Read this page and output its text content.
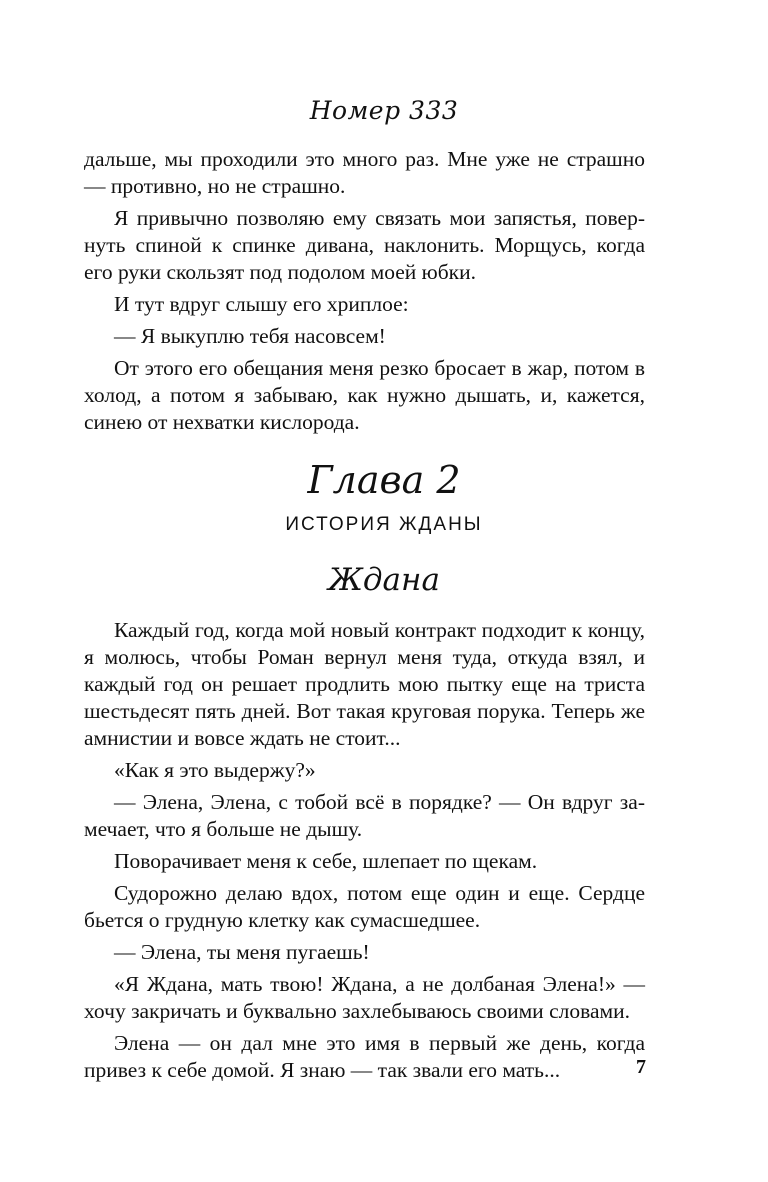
Номер 333

дальше, мы проходили это много раз. Мне уже не страшно — противно, но не страшно.

Я привычно позволяю ему связать мои запястья, повернуть спиной к спинке дивана, наклонить. Морщусь, когда его руки скользят под подолом моей юбки.

И тут вдруг слышу его хриплое:

— Я выкуплю тебя насовсем!

От этого его обещания меня резко бросает в жар, потом в холод, а потом я забываю, как нужно дышать, и, кажется, синею от нехватки кислорода.

Глава 2
ИСТОРИЯ ЖДАНЫ
Ждана

Каждый год, когда мой новый контракт подходит к концу, я молюсь, чтобы Роман вернул меня туда, откуда взял, и каждый год он решает продлить мою пытку еще на триста шестьдесят пять дней. Вот такая круговая порука. Теперь же амнистии и вовсе ждать не стоит...

«Как я это выдержу?»

— Элена, Элена, с тобой всё в порядке? — Он вдруг замечает, что я больше не дышу.

Поворачивает меня к себе, шлепает по щекам.

Судорожно делаю вдох, потом еще один и еще. Сердце бьется о грудную клетку как сумасшедшее.

— Элена, ты меня пугаешь!

«Я Ждана, мать твою! Ждана, а не долбаная Элена!» — хочу закричать и буквально захлебываюсь своими словами.

Элена — он дал мне это имя в первый же день, когда привез к себе домой. Я знаю — так звали его мать...	7
